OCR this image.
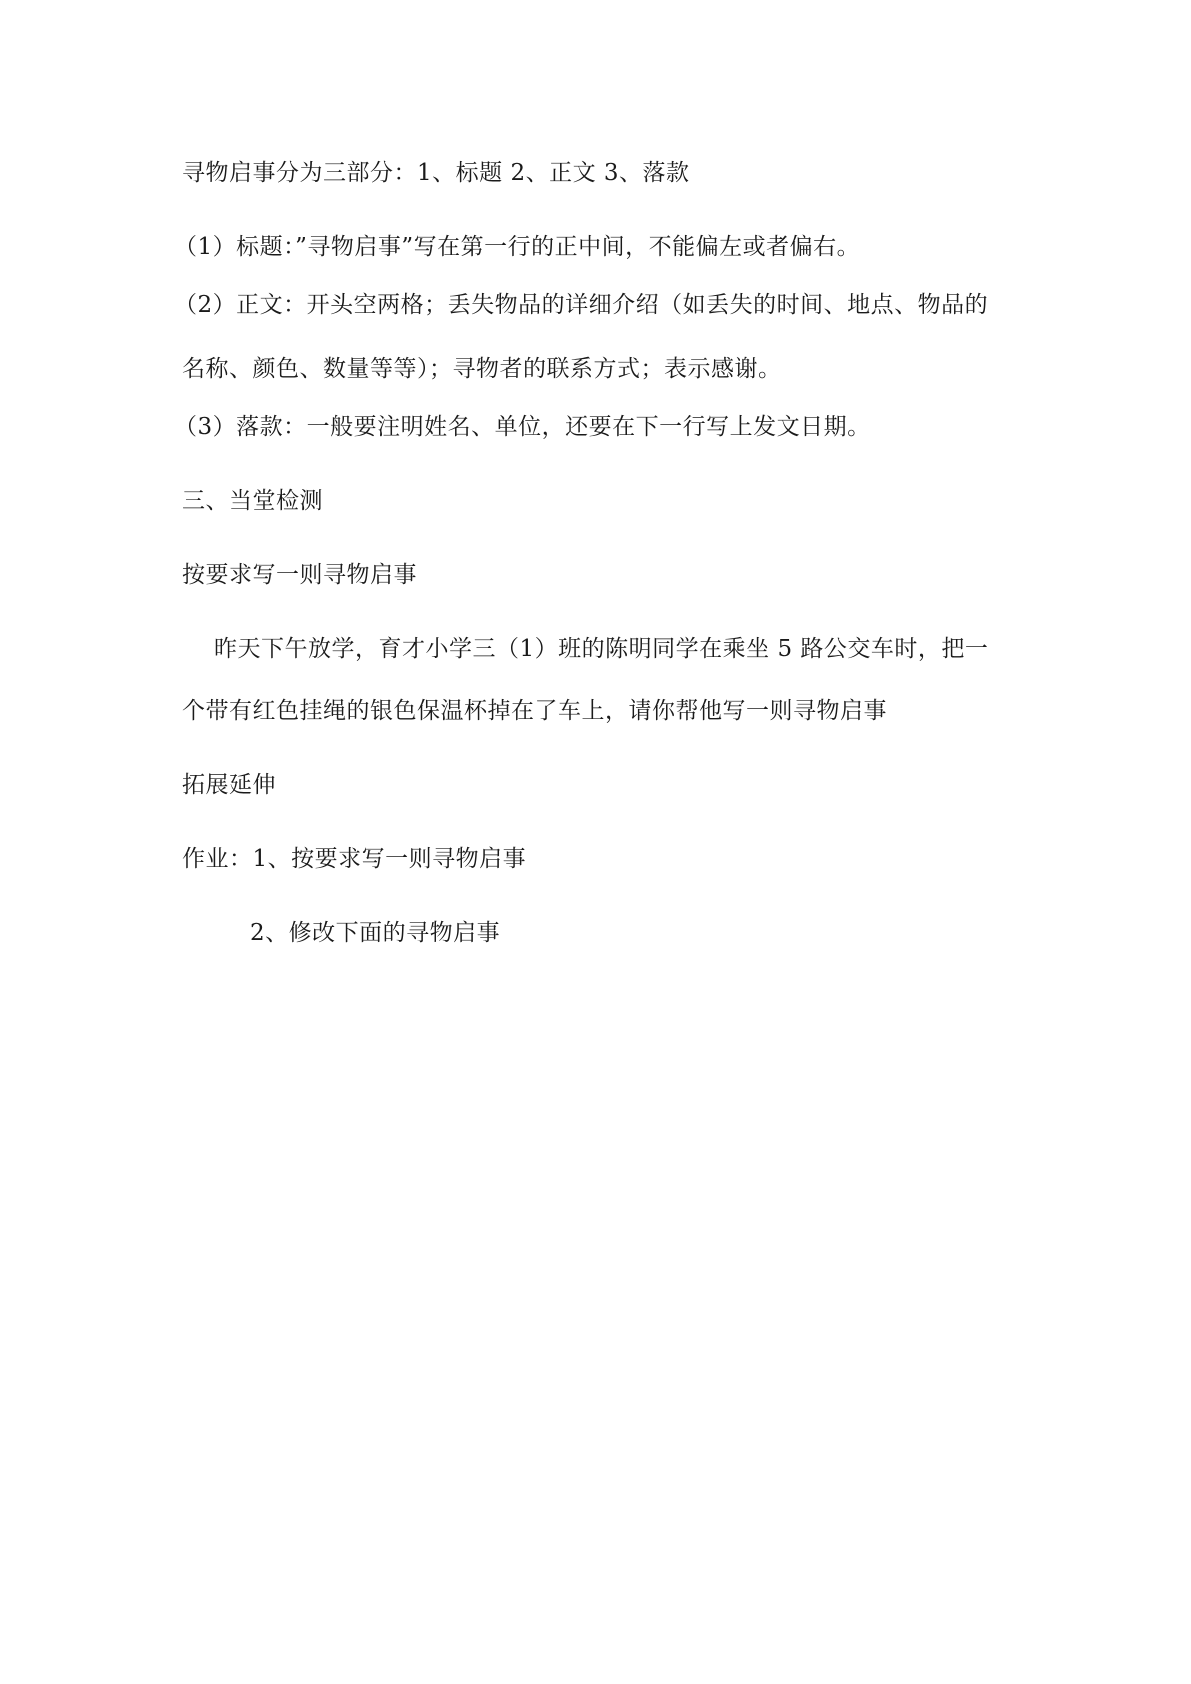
寻物启事分为三部分：1、标题 2、正文 3、落款
（1）标题：”寻物启事”写在第一行的正中间，不能偏左或者偏右。
（2）正文：开头空两格；丢失物品的详细介绍（如丢失的时间、地点、物品的
名称、颜色、数量等等）；寻物者的联系方式；表示感谢。
（3）落款：一般要注明姓名、单位，还要在下一行写上发文日期。
三、当堂检测
按要求写一则寻物启事
昨天下午放学，育才小学三（1）班的陈明同学在乘坐 5 路公交车时，把一
个带有红色挂绳的银色保温杯掉在了车上，请你帮他写一则寻物启事
拓展延伸
作业：1、按要求写一则寻物启事
2、修改下面的寻物启事
